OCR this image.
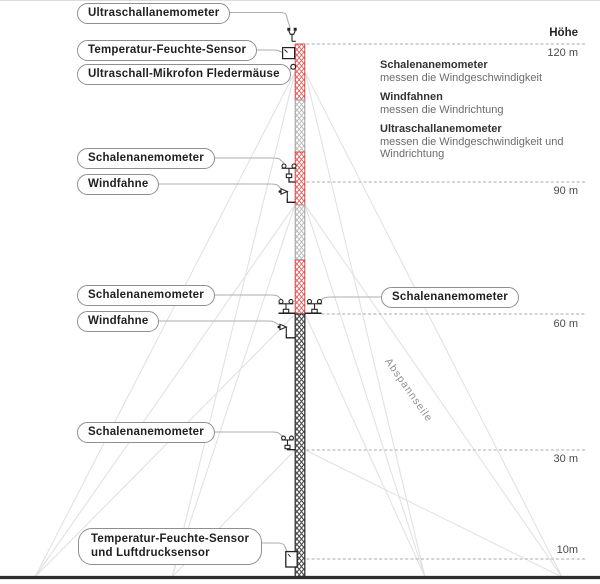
Ultraschallanemometer
Temperatur-Feuchte-Sensor
Ultraschall-Mikrofon Fledermäuse
Schalenanemometer
Windfahne
Schalenanemometer
Windfahne
Schalenanemometer
Schalenanemometer
Temperatur-Feuchte-Sensor
und Luftdrucksensor
Höhe
120 m
90 m
60 m
30 m
10m
Schalenanemometer
messen die Windgeschwindigkeit
Windfahnen
messen die Windrichtung
Ultraschallanemometer
messen die Windgeschwindigkeit und Windrichtung
Abspannseile
